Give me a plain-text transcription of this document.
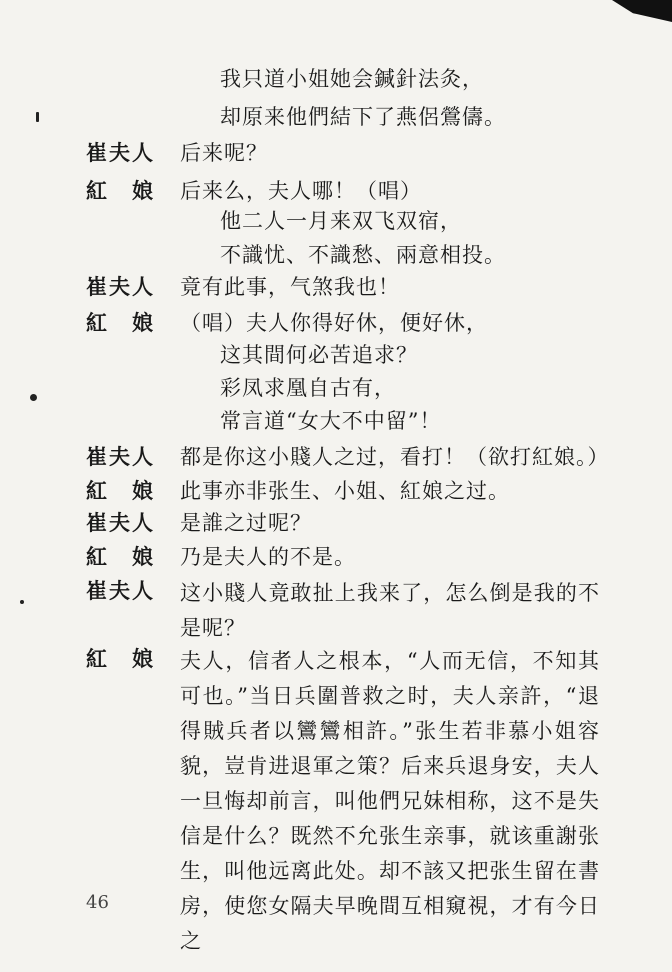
我只道小姐她会鍼針法灸，
却原来他們結下了燕侶鶯儔。
崔夫人	后来呢？
紅　娘	后来么，夫人哪！（唱）
他二人一月来双飞双宿，
不識忧、不識愁、兩意相投。
崔夫人	竟有此事，气煞我也！
紅　娘	（唱）夫人你得好休，便好休，
这其間何必苦追求？
彩凤求凰自古有，
常言道“女大不中留”！
崔夫人	都是你这小賤人之过，看打！（欲打紅娘。）
紅　娘	此事亦非张生、小姐、紅娘之过。
崔夫人	是誰之过呢？
紅　娘	乃是夫人的不是。
崔夫人	这小賤人竟敢扯上我来了，怎么倒是我的不是呢？
紅　娘	夫人，信者人之根本，“人而无信，不知其可也。”当日兵圍普救之时，夫人亲許，“退得賊兵者以鸞鸞相許。”张生若非慕小姐容貌，豈肯进退軍之策？后来兵退身安，夫人一旦悔却前言，叫他們兄妹相称，这不是失信是什么？既然不允张生亲事，就该重謝张生，叫他远离此处。却不該又把张生留在書房，使您女隔夫早晚間互相窺視，才有今日之
46
